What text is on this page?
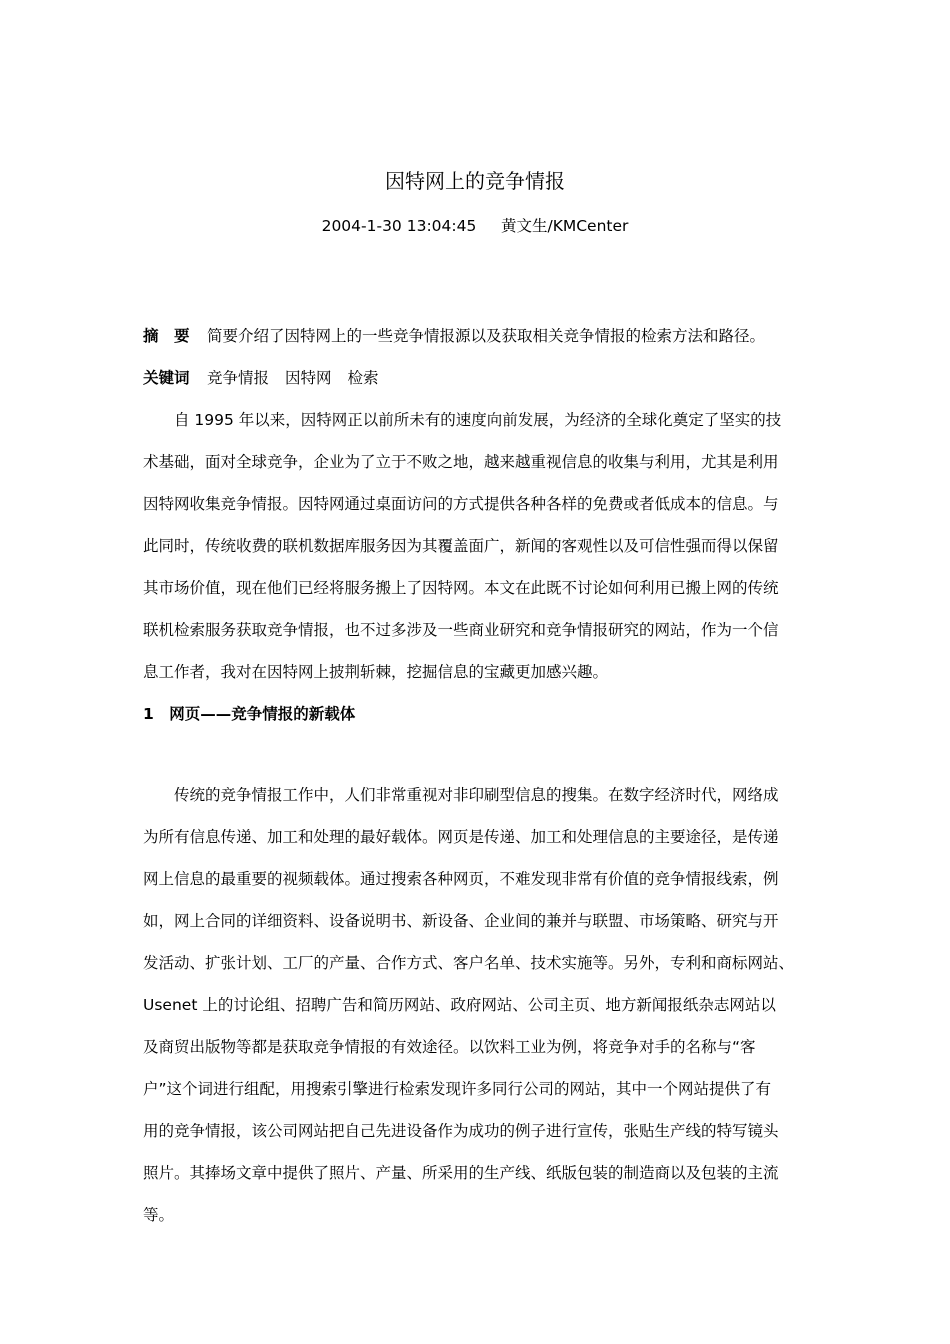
因特网上的竞争情报
2004-1-30 13:04:45     黄文生/KMCenter
摘　要 简要介绍了因特网上的一些竞争情报源以及获取相关竞争情报的检索方法和路径。
关键词 竞争情报 因特网 检索
自 1995 年以来，因特网正以前所未有的速度向前发展，为经济的全球化奠定了坚实的技
术基础，面对全球竞争，企业为了立于不败之地，越来越重视信息的收集与利用，尤其是利用
因特网收集竞争情报。因特网通过桌面访问的方式提供各种各样的免费或者低成本的信息。与
此同时，传统收费的联机数据库服务因为其覆盖面广，新闻的客观性以及可信性强而得以保留
其市场价值，现在他们已经将服务搬上了因特网。本文在此既不讨论如何利用已搬上网的传统
联机检索服务获取竞争情报，也不过多涉及一些商业研究和竞争情报研究的网站，作为一个信
息工作者，我对在因特网上披荆斩棘，挖掘信息的宝藏更加感兴趣。
1　网页——竞争情报的新载体
传统的竞争情报工作中，人们非常重视对非印刷型信息的搜集。在数字经济时代，网络成
为所有信息传递、加工和处理的最好载体。网页是传递、加工和处理信息的主要途径，是传递
网上信息的最重要的视频载体。通过搜索各种网页，不难发现非常有价值的竞争情报线索，例
如，网上合同的详细资料、设备说明书、新设备、企业间的兼并与联盟、市场策略、研究与开
发活动、扩张计划、工厂的产量、合作方式、客户名单、技术实施等。另外，专利和商标网站、
Usenet 上的讨论组、招聘广告和简历网站、政府网站、公司主页、地方新闻报纸杂志网站以
及商贸出版物等都是获取竞争情报的有效途径。以饮料工业为例，将竞争对手的名称与“客
户”这个词进行组配，用搜索引擎进行检索发现许多同行公司的网站，其中一个网站提供了有
用的竞争情报，该公司网站把自己先进设备作为成功的例子进行宣传，张贴生产线的特写镜头
照片。其捧场文章中提供了照片、产量、所采用的生产线、纸版包装的制造商以及包装的主流
等。
